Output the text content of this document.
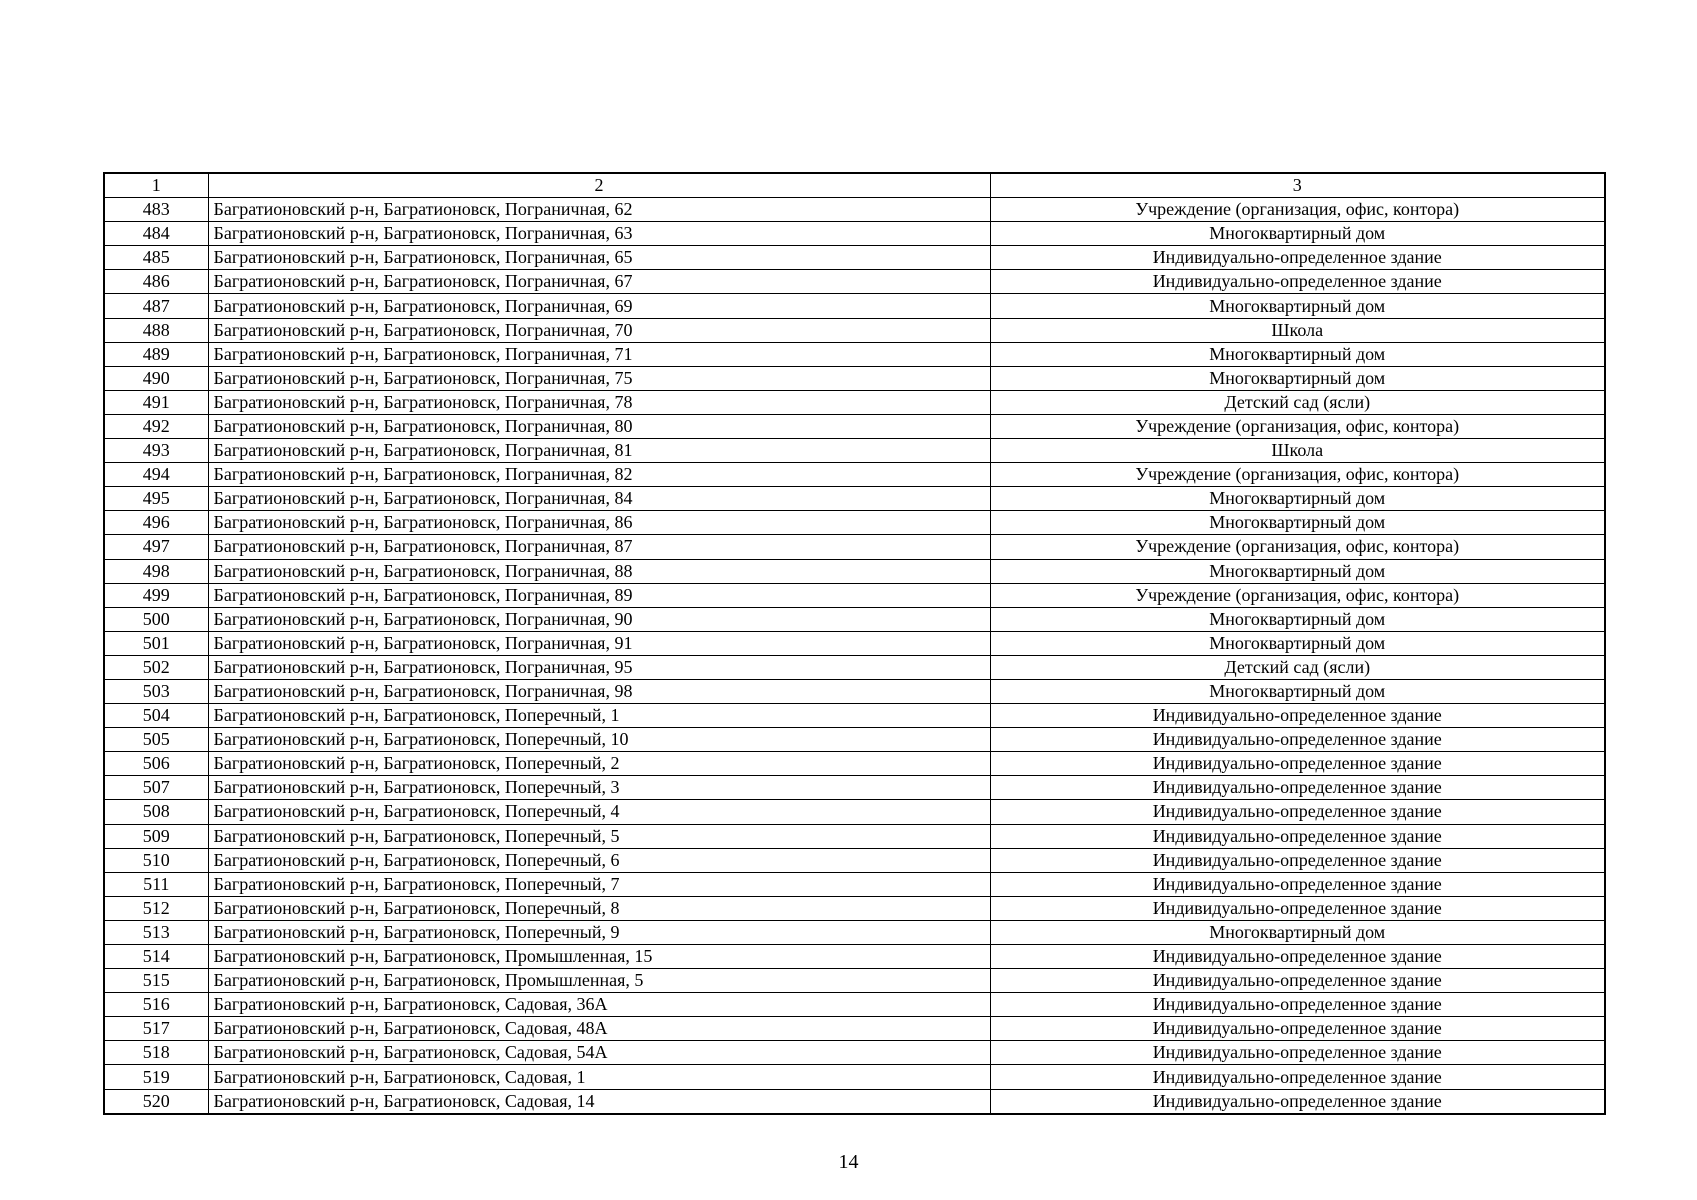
1	2	3
483	Багратионовский р-н, Багратионовск, Пограничная, 62	Учреждение (организация, офис, контора)
484	Багратионовский р-н, Багратионовск, Пограничная, 63	Многоквартирный дом
485	Багратионовский р-н, Багратионовск, Пограничная, 65	Индивидуально-определенное здание
486	Багратионовский р-н, Багратионовск, Пограничная, 67	Индивидуально-определенное здание
487	Багратионовский р-н, Багратионовск, Пограничная, 69	Многоквартирный дом
488	Багратионовский р-н, Багратионовск, Пограничная, 70	Школа
489	Багратионовский р-н, Багратионовск, Пограничная, 71	Многоквартирный дом
490	Багратионовский р-н, Багратионовск, Пограничная, 75	Многоквартирный дом
491	Багратионовский р-н, Багратионовск, Пограничная, 78	Детский сад (ясли)
492	Багратионовский р-н, Багратионовск, Пограничная, 80	Учреждение (организация, офис, контора)
493	Багратионовский р-н, Багратионовск, Пограничная, 81	Школа
494	Багратионовский р-н, Багратионовск, Пограничная, 82	Учреждение (организация, офис, контора)
495	Багратионовский р-н, Багратионовск, Пограничная, 84	Многоквартирный дом
496	Багратионовский р-н, Багратионовск, Пограничная, 86	Многоквартирный дом
497	Багратионовский р-н, Багратионовск, Пограничная, 87	Учреждение (организация, офис, контора)
498	Багратионовский р-н, Багратионовск, Пограничная, 88	Многоквартирный дом
499	Багратионовский р-н, Багратионовск, Пограничная, 89	Учреждение (организация, офис, контора)
500	Багратионовский р-н, Багратионовск, Пограничная, 90	Многоквартирный дом
501	Багратионовский р-н, Багратионовск, Пограничная, 91	Многоквартирный дом
502	Багратионовский р-н, Багратионовск, Пограничная, 95	Детский сад (ясли)
503	Багратионовский р-н, Багратионовск, Пограничная, 98	Многоквартирный дом
504	Багратионовский р-н, Багратионовск, Поперечный, 1	Индивидуально-определенное здание
505	Багратионовский р-н, Багратионовск, Поперечный, 10	Индивидуально-определенное здание
506	Багратионовский р-н, Багратионовск, Поперечный, 2	Индивидуально-определенное здание
507	Багратионовский р-н, Багратионовск, Поперечный, 3	Индивидуально-определенное здание
508	Багратионовский р-н, Багратионовск, Поперечный, 4	Индивидуально-определенное здание
509	Багратионовский р-н, Багратионовск, Поперечный, 5	Индивидуально-определенное здание
510	Багратионовский р-н, Багратионовск, Поперечный, 6	Индивидуально-определенное здание
511	Багратионовский р-н, Багратионовск, Поперечный, 7	Индивидуально-определенное здание
512	Багратионовский р-н, Багратионовск, Поперечный, 8	Индивидуально-определенное здание
513	Багратионовский р-н, Багратионовск, Поперечный, 9	Многоквартирный дом
514	Багратионовский р-н, Багратионовск, Промышленная, 15	Индивидуально-определенное здание
515	Багратионовский р-н, Багратионовск, Промышленная, 5	Индивидуально-определенное здание
516	Багратионовский р-н, Багратионовск, Садовая, 36А	Индивидуально-определенное здание
517	Багратионовский р-н, Багратионовск, Садовая, 48А	Индивидуально-определенное здание
518	Багратионовский р-н, Багратионовск, Садовая, 54А	Индивидуально-определенное здание
519	Багратионовский р-н, Багратионовск, Садовая, 1	Индивидуально-определенное здание
520	Багратионовский р-н, Багратионовск, Садовая, 14	Индивидуально-определенное здание
14
